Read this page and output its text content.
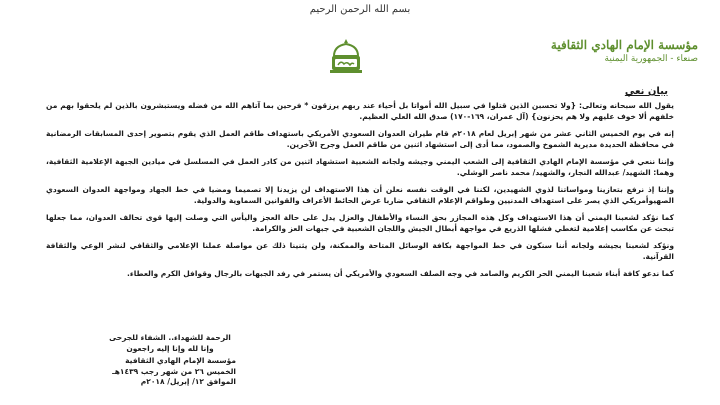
بسم الله الرحمن الرحيم
مؤسسة الإمام الهادي الثقافية
صنعاء - الجمهورية اليمنية
بيان نعي

يقول الله سبحانه وتعالى: {ولا تحسبن الذين قتلوا في سبيل الله أمواتا بل أحياء عند ربهم يرزقون * فرحين بما آتاهم الله من فضله ويستبشرون بالذين لم يلحقوا بهم من خلفهم ألا خوف عليهم ولا هم يحزنون} (آل عمران، ١٦٩-١٧٠) صدق الله العلي العظيم.

إنه في يوم الخميس الثاني عشر من شهر إبريل لعام ٢٠١٨م قام طيران العدوان السعودي الأمريكي باستهداف طاقم العمل الذي يقوم بتصوير إحدى المسابقات الرمضانية في محافظة الحديدة مديرية الشموخ والصمود، مما أدى إلى استشهاد اثنين من طاقم العمل وجرح الآخرين.

وإننا ننعي في مؤسسة الإمام الهادي الثقافية إلى الشعب اليمني وجيشه ولجانه الشعبية استشهاد اثنين من كادر العمل في المسلسل في ميادين الجبهة الإعلامية الثقافية، وهما: الشهيد/ عبدالله النجار، والشهيد/ محمد ناصر الوشلي.

وإننا إذ نرفع بتعازينا ومواساتنا لذوي الشهيدين، لكننا في الوقت نفسه نعلن أن هذا الاستهداف لن يزيدنا إلا تصميما ومضيا في خط الجهاد ومواجهة العدوان السعودي الصهيوأمريكي الذي يصر على استهداف المدنيين وطواقم الإعلام الثقافي ضاربا عرض الحائط الأعراف والقوانين السماوية والدولية.

كما نؤكد لشعبنا اليمني أن هذا الاستهداف وكل هذه المجازر بحق النساء والأطفال والعزل يدل على حالة العجز واليأس التي وصلت إليها قوى تحالف العدوان، مما جعلها تبحث عن مكاسب إعلامية لتغطي فشلها الذريع في مواجهة أبطال الجيش واللجان الشعبية في جبهات العز والكرامة.

ونؤكد لشعبنا بجيشه ولجانه أننا سنكون في خط المواجهة بكافة الوسائل المتاحة والممكنة، ولن يثنينا ذلك عن مواصلة عملنا الإعلامي والثقافي لنشر الوعي والثقافة القرآنية.

كما ندعو كافة أبناء شعبنا اليمني الحر الكريم والصامد في وجه الصلف السعودي والأمريكي أن يستمر في رفد الجبهات بالرجال وقوافل الكرم والعطاء.

الرحمة للشهداء.. الشفاء للجرحى

وإنا لله وإنا إليه راجعون

مؤسسة الإمام الهادي الثقافية

الخميس ٢٦ من شهر رجب ١٤٣٩هـ

الموافق ١٢/ إبريل/ ٢٠١٨م
